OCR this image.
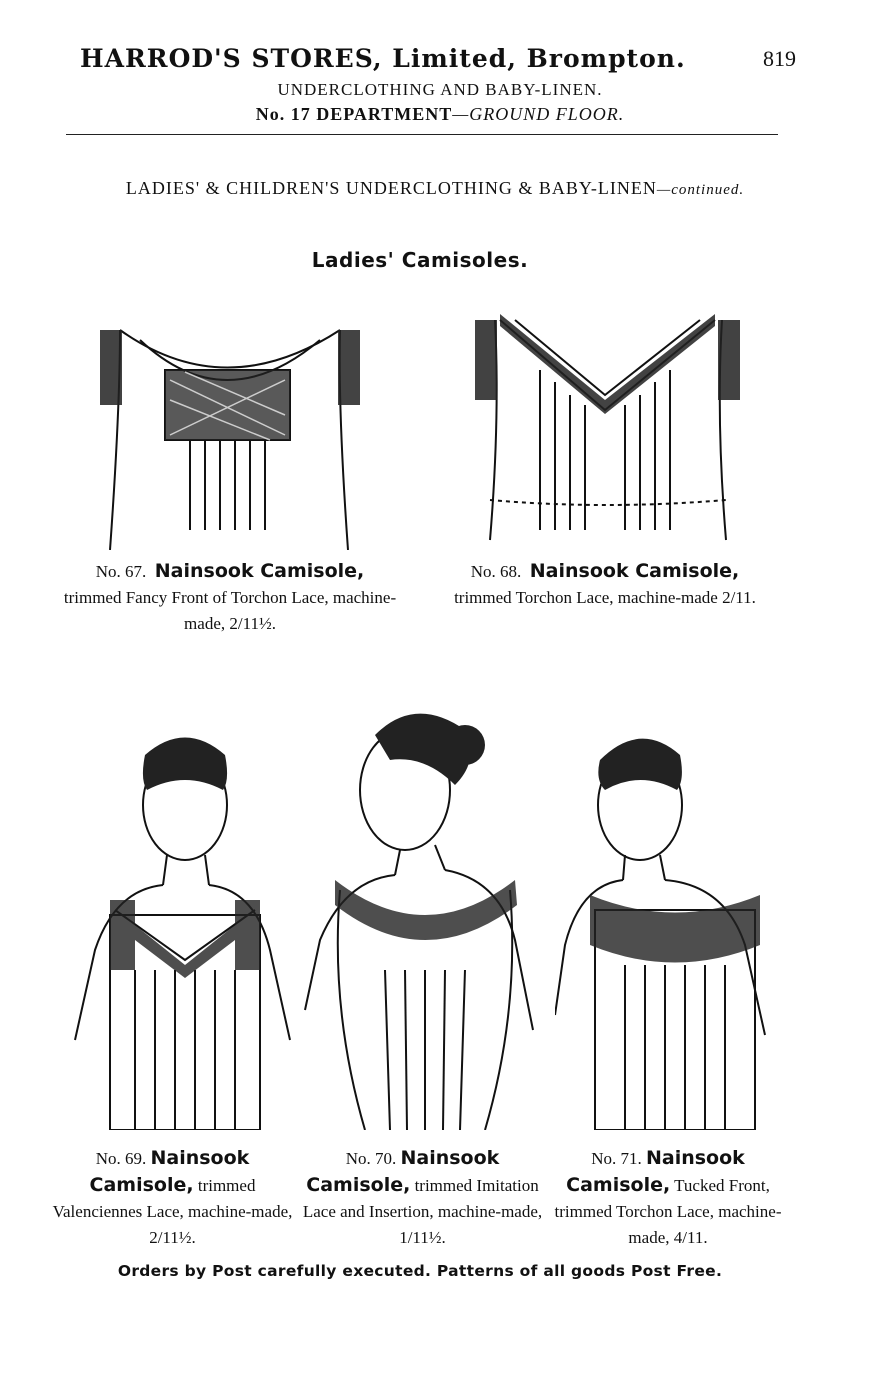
HARROD'S STORES, Limited, Brompton.	819
UNDERCLOTHING AND BABY-LINEN.
No. 17 DEPARTMENT—GROUND FLOOR.
LADIES' & CHILDREN'S UNDERCLOTHING & BABY-LINEN—continued.
Ladies' Camisoles.
No. 67. Nainsook Camisole,
trimmed Fancy Front of Torchon Lace, machine-made, 2/11½.
No. 68. Nainsook Camisole,
trimmed Torchon Lace, machine-made 2/11.
No. 69. Nainsook Camisole, trimmed Valenciennes Lace, machine-made, 2/11½.
No. 70. Nainsook Camisole, trimmed Imitation Lace and Insertion, machine-made, 1/11½.
No. 71. Nainsook Camisole, Tucked Front, trimmed Torchon Lace, machine-made, 4/11.
Orders by Post carefully executed. Patterns of all goods Post Free.
